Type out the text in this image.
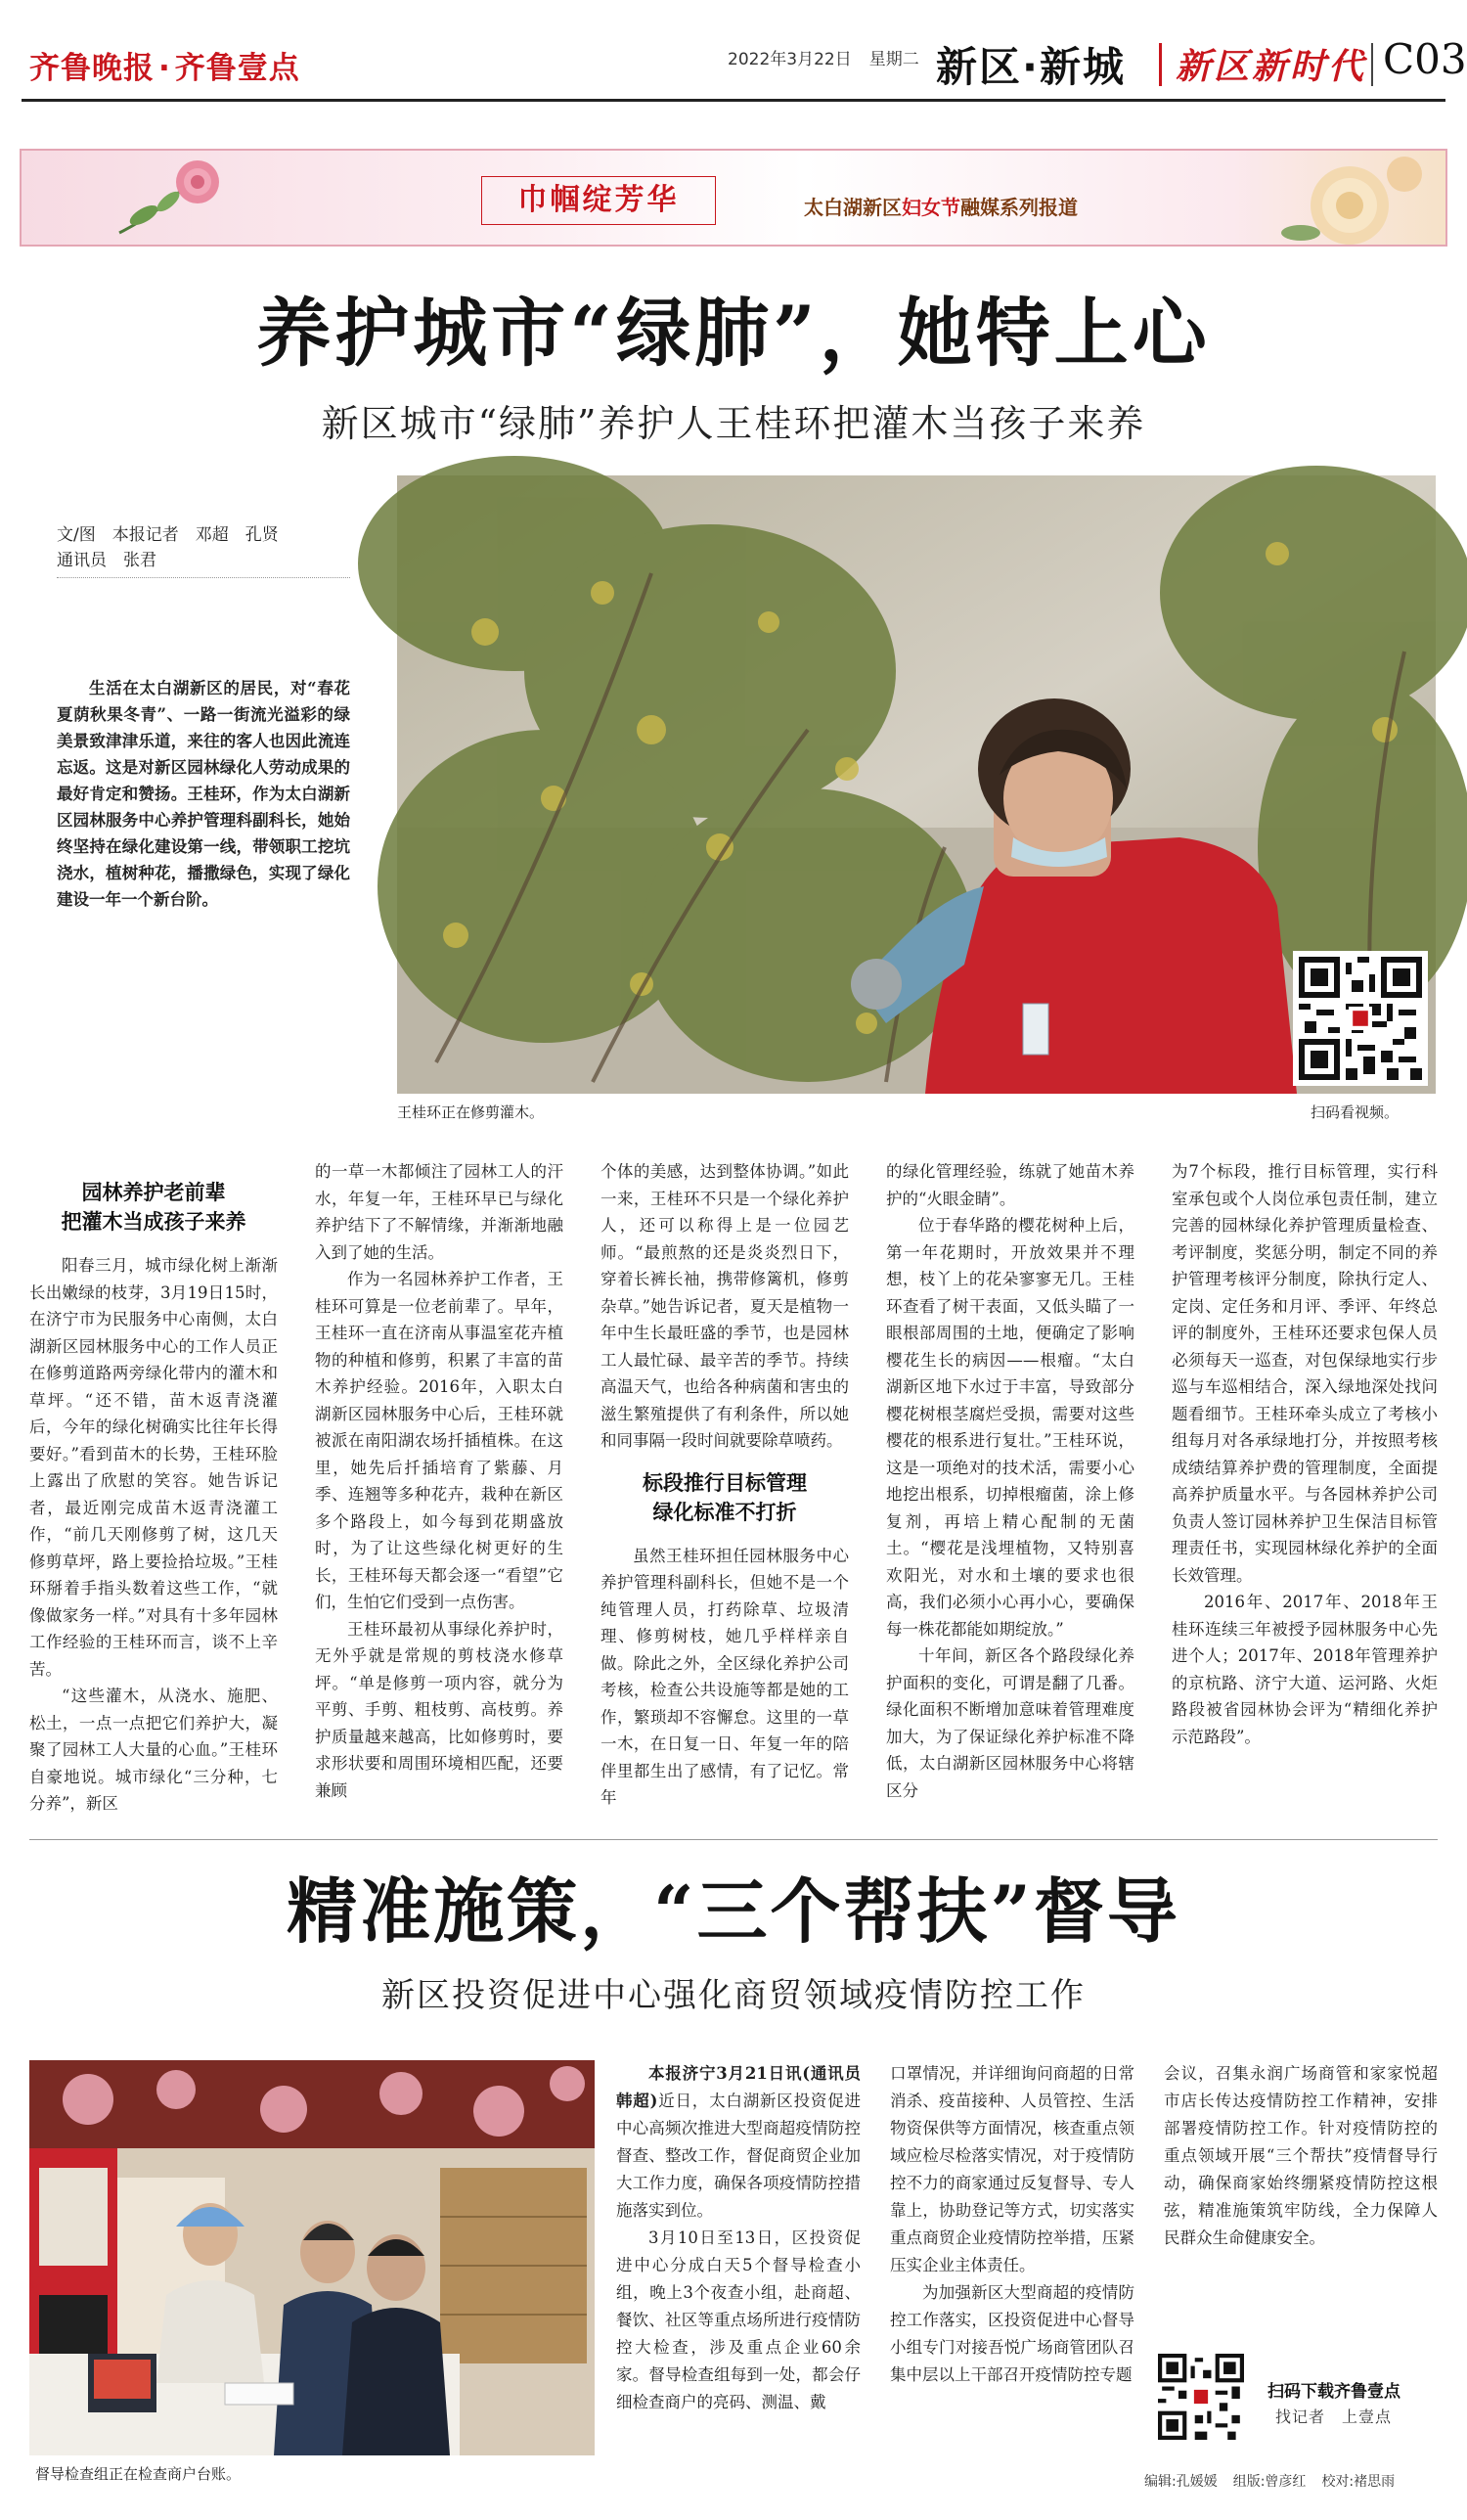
齐鲁晚报 · 齐鲁壹点	2022年3月22日 星期二 新区·新城 新区新时代 C03
巾帼绽芳华	太白湖新区妇女节融媒系列报道
养护城市“绿肺”，她特上心
新区城市“绿肺”养护人王桂环把灌木当孩子来养
文/图　本报记者　邓超　孔贤
通讯员　张君

生活在太白湖新区的居民，对“春花夏荫秋果冬青”、一路一街流光溢彩的绿美景致津津乐道，来往的客人也因此流连忘返。这是对新区园林绿化人劳动成果的最好肯定和赞扬。王桂环，作为太白湖新区园林服务中心养护管理科副科长，她始终坚持在绿化建设第一线，带领职工挖坑浇水，植树种花，播撒绿色，实现了绿化建设一年一个新台阶。

王桂环正在修剪灌木。	扫码看视频。
园林养护老前辈
把灌木当成孩子来养

阳春三月，城市绿化树上渐渐长出嫩绿的枝芽，3月19日15时，在济宁市为民服务中心南侧，太白湖新区园林服务中心的工作人员正在修剪道路两旁绿化带内的灌木和草坪。“还不错，苗木返青浇灌后，今年的绿化树确实比往年长得要好。”看到苗木的长势，王桂环脸上露出了欣慰的笑容。她告诉记者，最近刚完成苗木返青浇灌工作，“前几天刚修剪了树，这几天修剪草坪，路上要捡拾垃圾。”王桂环掰着手指头数着这些工作，“就像做家务一样。”对具有十多年园林工作经验的王桂环而言，谈不上辛苦。

“这些灌木，从浇水、施肥、松土，一点一点把它们养护大，凝聚了园林工人大量的心血。”王桂环自豪地说。城市绿化“三分种，七分养”，新区

的一草一木都倾注了园林工人的汗水，年复一年，王桂环早已与绿化养护结下了不解情缘，并渐渐地融入到了她的生活。

作为一名园林养护工作者，王桂环可算是一位老前辈了。早年，王桂环一直在济南从事温室花卉植物的种植和修剪，积累了丰富的苗木养护经验。2016年，入职太白湖新区园林服务中心后，王桂环就被派在南阳湖农场扦插植株。在这里，她先后扦插培育了紫藤、月季、连翘等多种花卉，栽种在新区多个路段上，如今每到花期盛放时，为了让这些绿化树更好的生长，王桂环每天都会逐一“看望”它们，生怕它们受到一点伤害。

王桂环最初从事绿化养护时，无外乎就是常规的剪枝浇水修草坪。“单是修剪一项内容，就分为平剪、手剪、粗枝剪、高枝剪。养护质量越来越高，比如修剪时，要求形状要和周围环境相匹配，还要兼顾

个体的美感，达到整体协调。”如此一来，王桂环不只是一个绿化养护人，还可以称得上是一位园艺师。“最煎熬的还是炎炎烈日下，穿着长裤长袖，携带修篱机，修剪杂草。”她告诉记者，夏天是植物一年中生长最旺盛的季节，也是园林工人最忙碌、最辛苦的季节。持续高温天气，也给各种病菌和害虫的滋生繁殖提供了有利条件，所以她和同事隔一段时间就要除草喷药。

标段推行目标管理
绿化标准不打折

虽然王桂环担任园林服务中心养护管理科副科长，但她不是一个纯管理人员，打药除草、垃圾清理、修剪树枝，她几乎样样亲自做。除此之外，全区绿化养护公司考核，检查公共设施等都是她的工作，繁琐却不容懈怠。这里的一草一木，在日复一日、年复一年的陪伴里都生出了感情，有了记忆。常年

的绿化管理经验，练就了她苗木养护的“火眼金睛”。

位于春华路的樱花树种上后，第一年花期时，开放效果并不理想，枝丫上的花朵寥寥无几。王桂环查看了树干表面，又低头瞄了一眼根部周围的土地，便确定了影响樱花生长的病因——根瘤。“太白湖新区地下水过于丰富，导致部分樱花树根茎腐烂受损，需要对这些樱花的根系进行复壮。”王桂环说，这是一项绝对的技术活，需要小心地挖出根系，切掉根瘤菌，涂上修复剂，再培上精心配制的无菌土。“樱花是浅埋植物，又特别喜欢阳光，对水和土壤的要求也很高，我们必须小心再小心，要确保每一株花都能如期绽放。”

十年间，新区各个路段绿化养护面积的变化，可谓是翻了几番。绿化面积不断增加意味着管理难度加大，为了保证绿化养护标准不降低，太白湖新区园林服务中心将辖区分

为7个标段，推行目标管理，实行科室承包或个人岗位承包责任制，建立完善的园林绿化养护管理质量检查、考评制度，奖惩分明，制定不同的养护管理考核评分制度，除执行定人、定岗、定任务和月评、季评、年终总评的制度外，王桂环还要求包保人员必须每天一巡查，对包保绿地实行步巡与车巡相结合，深入绿地深处找问题看细节。王桂环牵头成立了考核小组每月对各承绿地打分，并按照考核成绩结算养护费的管理制度，全面提高养护质量水平。与各园林养护公司负责人签订园林养护卫生保洁目标管理责任书，实现园林绿化养护的全面长效管理。

2016年、2017年、2018年王桂环连续三年被授予园林服务中心先进个人；2017年、2018年管理养护的京杭路、济宁大道、运河路、火炬路段被省园林协会评为“精细化养护示范路段”。

精准施策，“三个帮扶”督导
新区投资促进中心强化商贸领域疫情防控工作
督导检查组正在检查商户台账。

本报济宁3月21日讯(通讯员　韩超)近日，太白湖新区投资促进中心高频次推进大型商超疫情防控督查、整改工作，督促商贸企业加大工作力度，确保各项疫情防控措施落实到位。

3月10日至13日，区投资促进中心分成白天5个督导检查小组，晚上3个夜查小组，赴商超、餐饮、社区等重点场所进行疫情防控大检查，涉及重点企业60余家。督导检查组每到一处，都会仔细检查商户的亮码、测温、戴

口罩情况，并详细询问商超的日常消杀、疫苗接种、人员管控、生活物资保供等方面情况，核查重点领域应检尽检落实情况，对于疫情防控不力的商家通过反复督导、专人靠上，协助登记等方式，切实落实重点商贸企业疫情防控举措，压紧压实企业主体责任。

为加强新区大型商超的疫情防控工作落实，区投资促进中心督导小组专门对接吾悦广场商管团队召集中层以上干部召开疫情防控专题

会议，召集永润广场商管和家家悦超市店长传达疫情防控工作精神，安排部署疫情防控工作。针对疫情防控的重点领域开展“三个帮扶”疫情督导行动，确保商家始终绷紧疫情防控这根弦，精准施策筑牢防线，全力保障人民群众生命健康安全。

扫码下载齐鲁壹点
找记者　上壹点
编辑:孔媛媛 组版:曾彦红 校对:褚思雨
